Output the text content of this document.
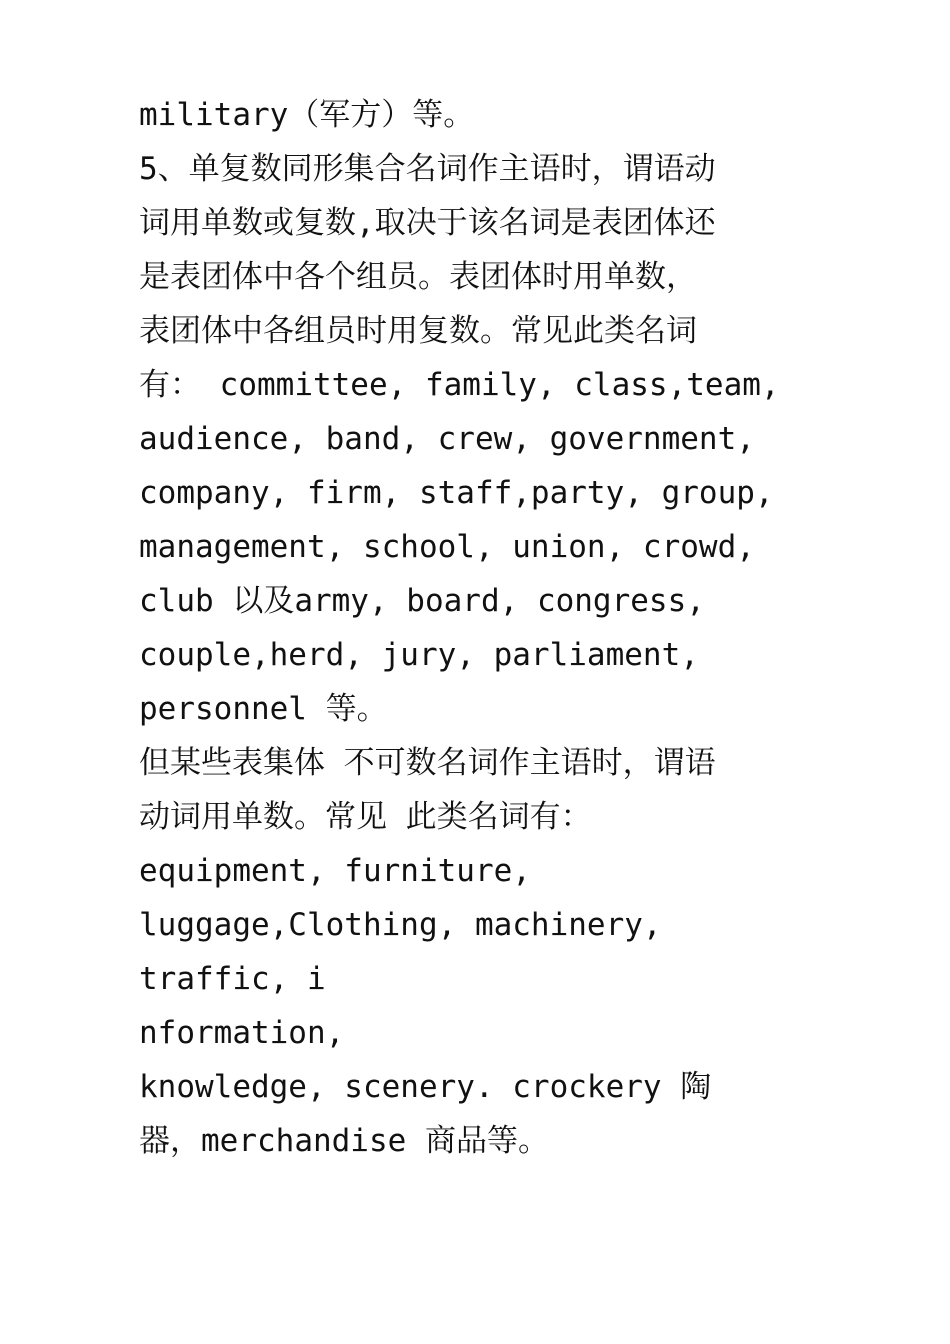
military（军方）等。
5、单复数同形集合名词作主语时，谓语动
词用单数或复数,取决于该名词是表团体还
是表团体中各个组员。表团体时用单数，
表团体中各组员时用复数。常见此类名词
有： committee, family, class,team,
audience, band, crew, government,
company, firm, staff,party, group,
management, school, union, crowd,
club 以及army, board, congress,
couple,herd, jury, parliament,
personnel 等。
但某些表集体 不可数名词作主语时，谓语
动词用单数。常见 此类名词有：
equipment, furniture,
luggage,Clothing, machinery,
traffic, i
nformation,
knowledge, scenery. crockery 陶
器，merchandise 商品等。
